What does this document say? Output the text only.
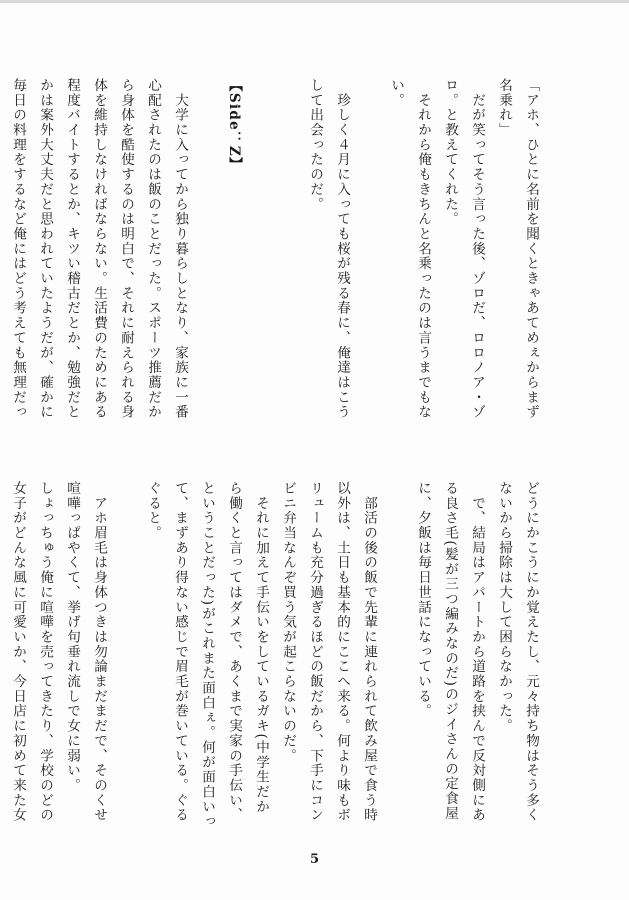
「アホ、ひとに名前を聞くときゃあてめぇからまず
名乗れ」
　だが笑ってそう言った後、ゾロだ、ロロノア・ゾ
ロ。と教えてくれた。
　それから俺もきちんと名乗ったのは言うまでもな
い。

　珍しく４月に入っても桜が残る春に、俺達はこう
して出会ったのだ。

【Side：Z】

　大学に入ってから独り暮らしとなり、家族に一番
心配されたのは飯のことだった。スポーツ推薦だか
ら身体を酷使するのは明白で、それに耐えられる身
体を維持しなければならない。生活費のためにある
程度バイトするとか、キツい稽古だとか、勉強だと
かは案外大丈夫だと思われていたようだが、確かに
毎日の料理をするなど俺にはどう考えても無理だっ
どうにかこうにか覚えたし、元々持ち物はそう多く
ないから掃除は大して困らなかった。
　で、結局はアパートから道路を挟んで反対側にあ
る良さ毛(髪が三つ編みなのだ)のジイさんの定食屋
に、夕飯は毎日世話になっている。

　部活の後の飯で先輩に連れられて飲み屋で食う時
以外は、土日も基本的にここへ来る。何より味もボ
リュームも充分過ぎるほどの飯だから、下手にコン
ビニ弁当なんぞ買う気が起こらないのだ。
　それに加えて手伝いをしているガキ(中学生だか
ら働くと言ってはダメで、あくまで実家の手伝い、
ということだった)がこれまた面白ぇ。何が面白いっ
て、まずあり得ない感じで眉毛が巻いている。ぐる
ぐると。

　アホ眉毛は身体つきは勿論まだまだで、そのくせ
喧嘩っぱやくて、挙げ句垂れ流しで女に弱い。
しょっちゅう俺に喧嘩を売ってきたり、学校のどの
女子がどんな風に可愛いか、今日店に初めて来た女
5
